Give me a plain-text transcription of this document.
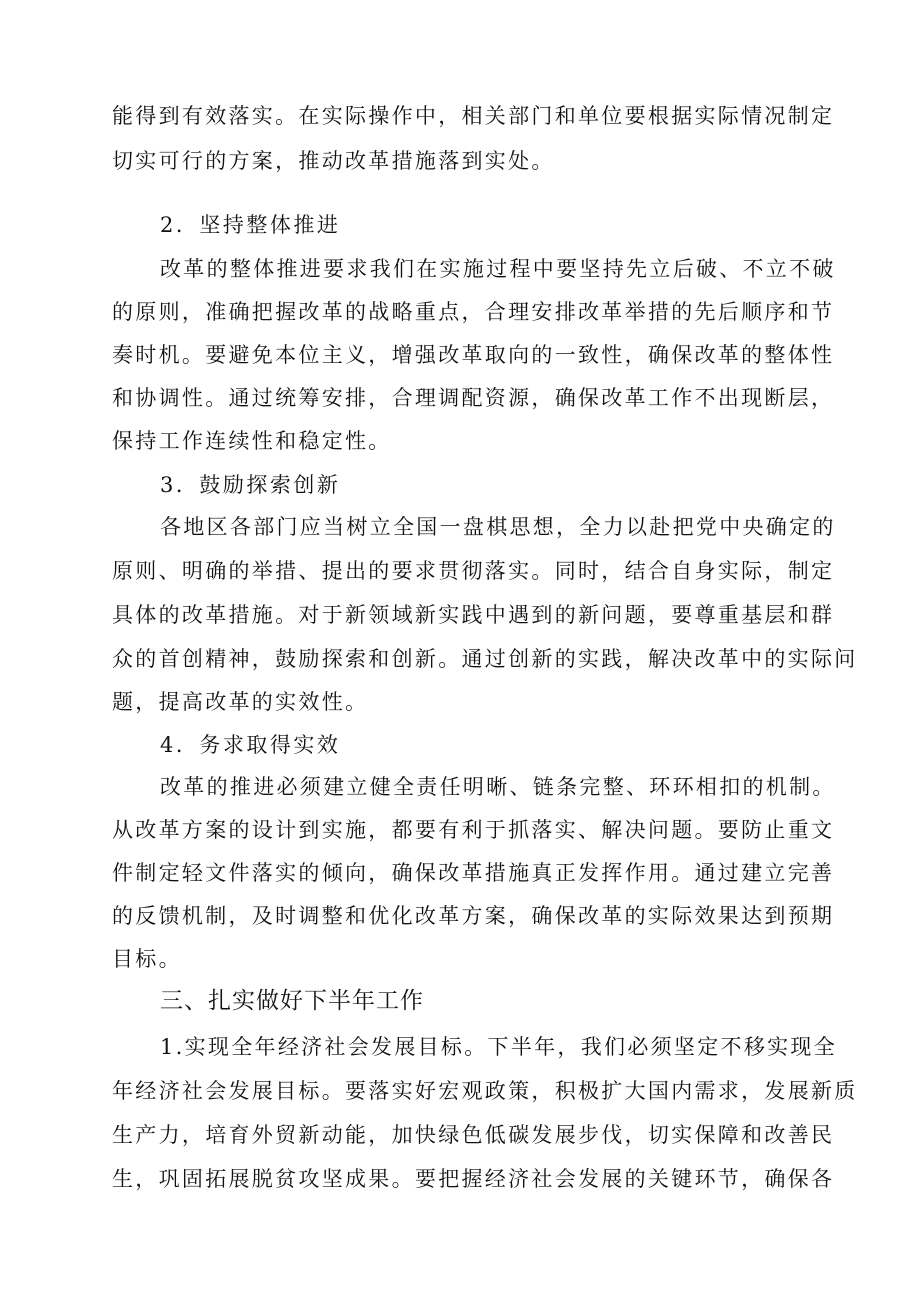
能得到有效落实。在实际操作中，相关部门和单位要根据实际情况制定
切实可行的方案，推动改革措施落到实处。
2．坚持整体推进
改革的整体推进要求我们在实施过程中要坚持先立后破、不立不破
的原则，准确把握改革的战略重点，合理安排改革举措的先后顺序和节
奏时机。要避免本位主义，增强改革取向的一致性，确保改革的整体性
和协调性。通过统筹安排，合理调配资源，确保改革工作不出现断层，
保持工作连续性和稳定性。
3．鼓励探索创新
各地区各部门应当树立全国一盘棋思想，全力以赴把党中央确定的
原则、明确的举措、提出的要求贯彻落实。同时，结合自身实际，制定
具体的改革措施。对于新领域新实践中遇到的新问题，要尊重基层和群
众的首创精神，鼓励探索和创新。通过创新的实践，解决改革中的实际问
题，提高改革的实效性。
4．务求取得实效
改革的推进必须建立健全责任明晰、链条完整、环环相扣的机制。
从改革方案的设计到实施，都要有利于抓落实、解决问题。要防止重文
件制定轻文件落实的倾向，确保改革措施真正发挥作用。通过建立完善
的反馈机制，及时调整和优化改革方案，确保改革的实际效果达到预期
目标。
三、扎实做好下半年工作
1.实现全年经济社会发展目标。下半年，我们必须坚定不移实现全
年经济社会发展目标。要落实好宏观政策，积极扩大国内需求，发展新质
生产力，培育外贸新动能，加快绿色低碳发展步伐，切实保障和改善民
生，巩固拓展脱贫攻坚成果。要把握经济社会发展的关键环节，确保各
